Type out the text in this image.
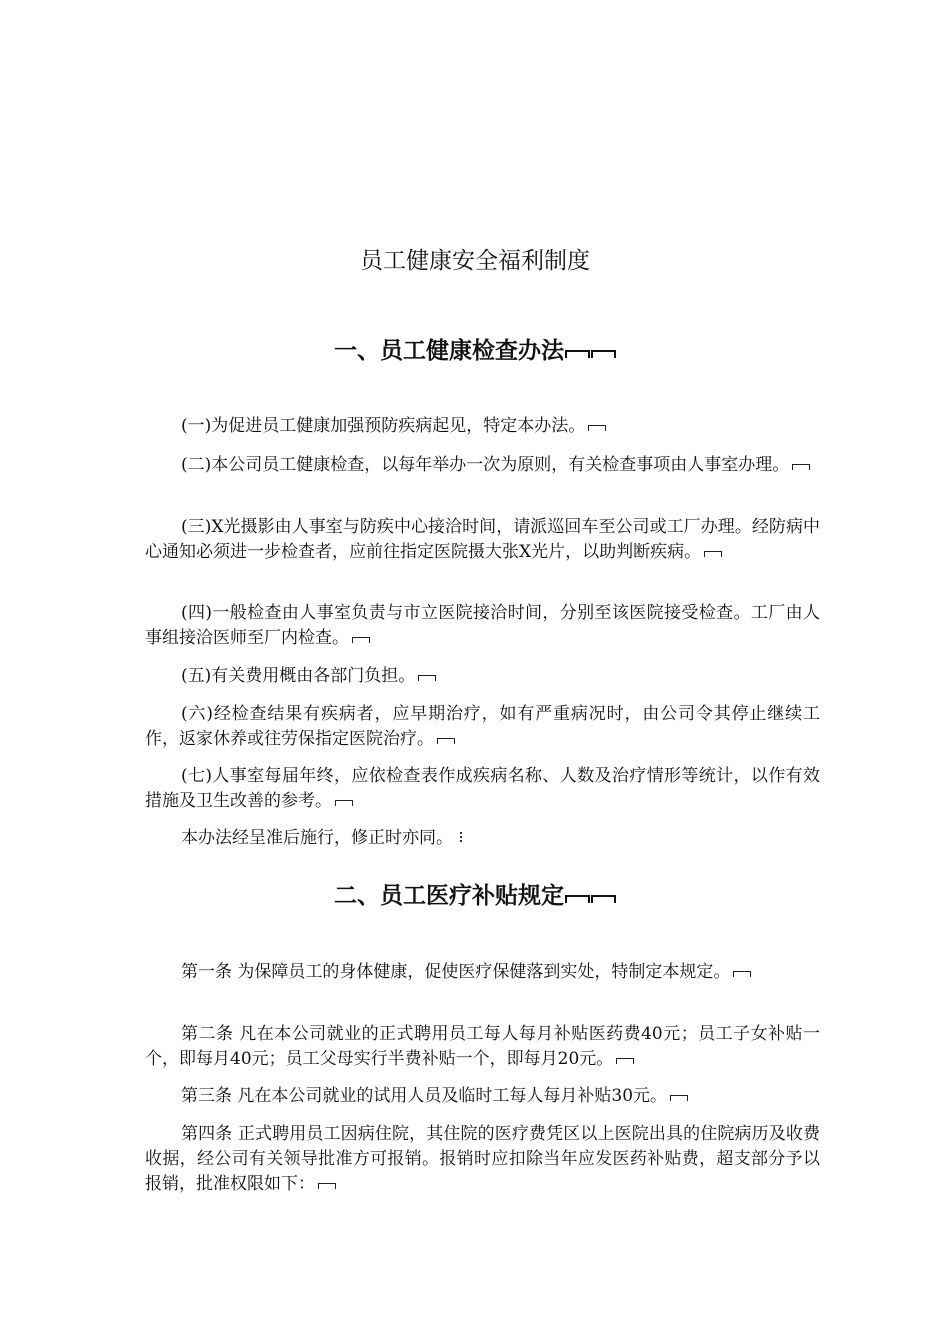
员工健康安全福利制度
一、员工健康检查办法

(一)为促进员工健康加强预防疾病起见，特定本办法。

(二)本公司员工健康检查，以每年举办一次为原则，有关检查事项由人事室办理。

(三)X光摄影由人事室与防疾中心接洽时间，请派巡回车至公司或工厂办理。经防病中心通知必须进一步检查者，应前往指定医院摄大张X光片，以助判断疾病。

(四)一般检查由人事室负责与市立医院接洽时间，分别至该医院接受检查。工厂由人事组接洽医师至厂内检查。

(五)有关费用概由各部门负担。

(六)经检查结果有疾病者，应早期治疗，如有严重病况时，由公司令其停止继续工作，返家休养或往劳保指定医院治疗。

(七)人事室每届年终，应依检查表作成疾病名称、人数及治疗情形等统计，以作有效措施及卫生改善的参考。

本办法经呈准后施行，修正时亦同。

二、员工医疗补贴规定

第一条 为保障员工的身体健康，促使医疗保健落到实处，特制定本规定。

第二条 凡在本公司就业的正式聘用员工每人每月补贴医药费40元；员工子女补贴一个，即每月40元；员工父母实行半费补贴一个，即每月20元。

第三条 凡在本公司就业的试用人员及临时工每人每月补贴30元。

第四条 正式聘用员工因病住院，其住院的医疗费凭区以上医院出具的住院病历及收费收据，经公司有关领导批准方可报销。报销时应扣除当年应发医药补贴费，超支部分予以报销，批准权限如下：
